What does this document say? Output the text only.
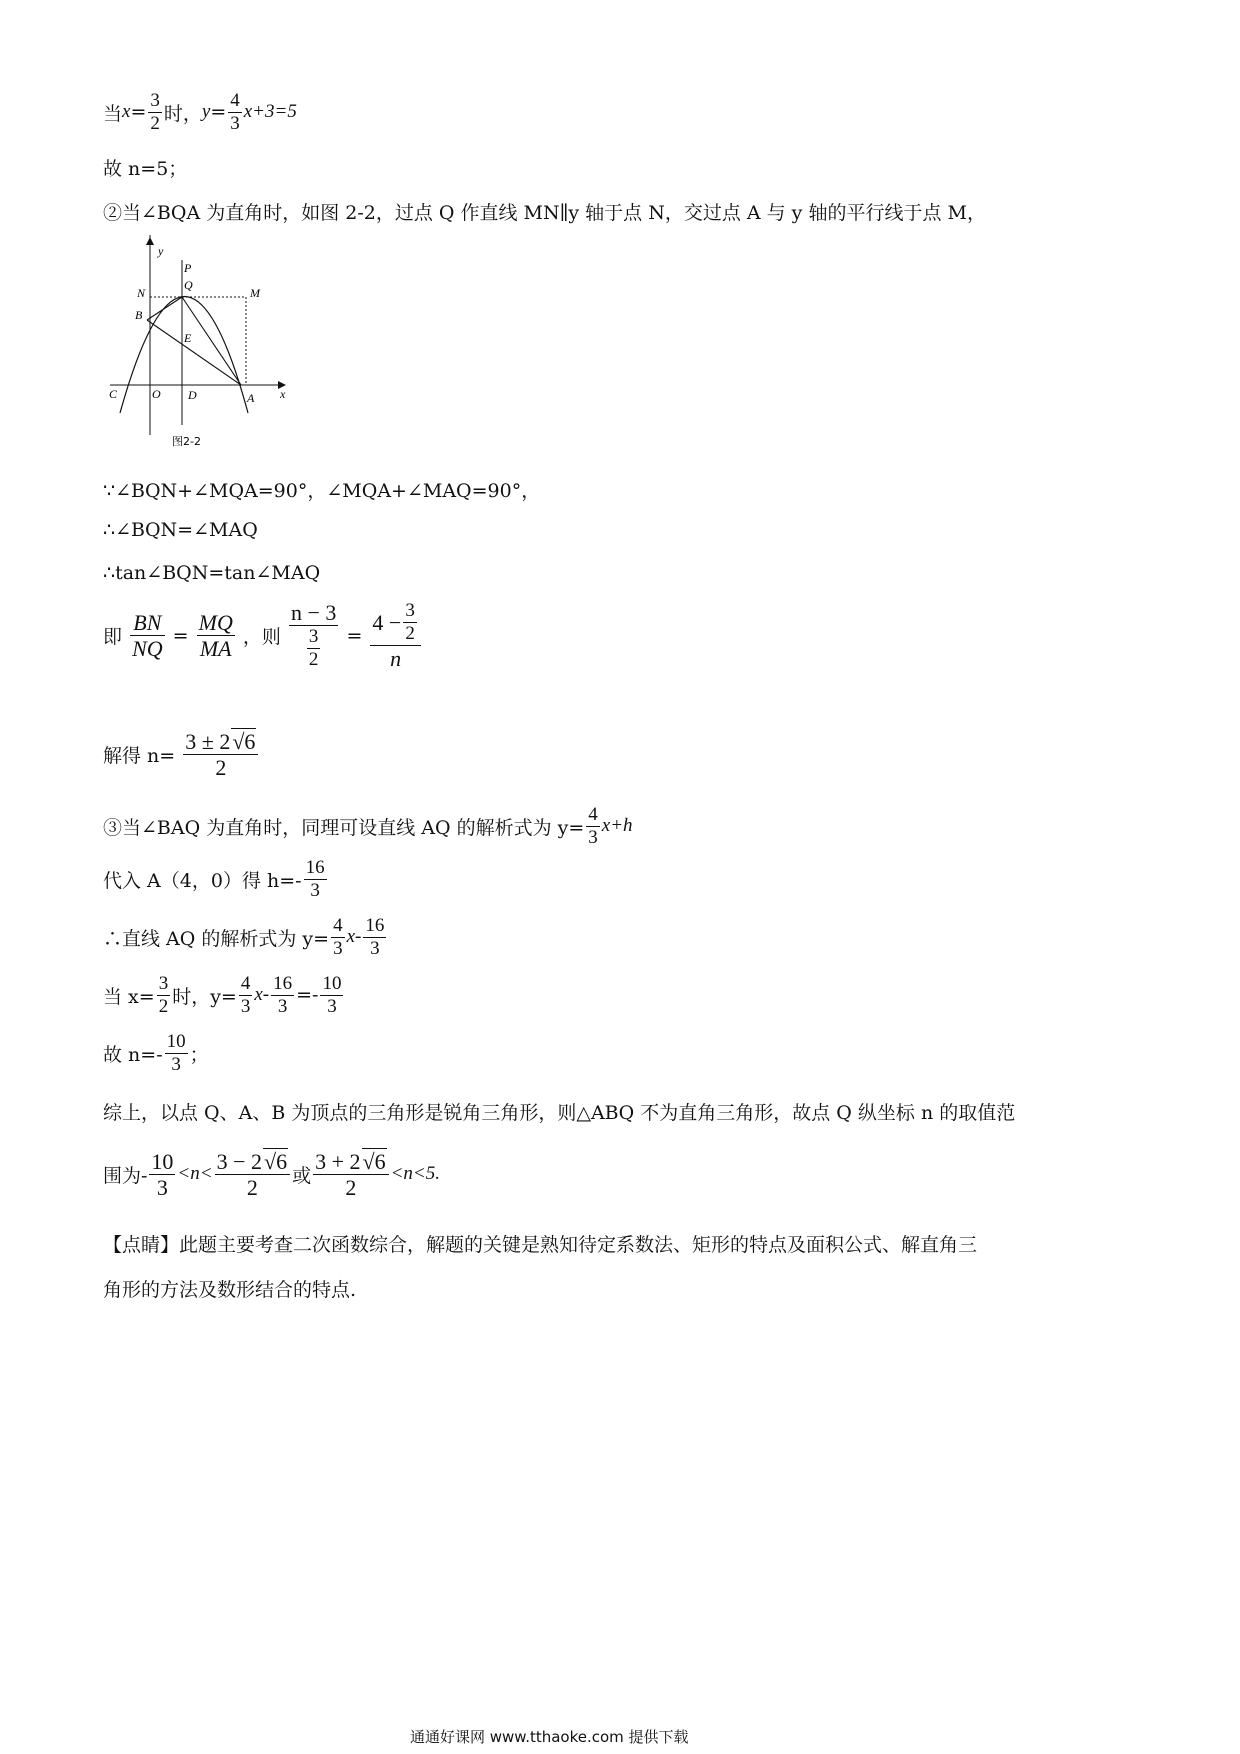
当$x= \frac{3}{2}$ 时，$y= \frac{4}{3} x+3=5$
故 n=5；
②当∠BQA 为直角时，如图 2-2，过点 Q 作直线 MN∥y 轴于点 N，交过点 A 与 y 轴的平行线于点 M，
y
x
P
Q
N	M
B
E
C	O D	A
图2-2
∵∠BQN+∠MQA=90°，∠MQA+∠MAQ=90°，
∴∠BQN=∠MAQ
∴tan∠BQN=tan∠MAQ
即 $\frac{BN}{NQ} = \frac{MQ}{MA}$ ，则 $\frac{n - 3}{\frac{3}{2}} = \frac{4 - \frac{3}{2}}{n}$
解得 $n= \frac{3 \pm 2√6}{2}$
③当∠BAQ 为直角时，同理可设直线 AQ 的解析式为 $y= \frac{4}{3} x+h$
代入 A（4，0）得 $h=- \frac{16}{3}$
∴直线 AQ 的解析式为 $y= \frac{4}{3} x- \frac{16}{3}$
当 $x= \frac{3}{2}$ 时，$y= \frac{4}{3} x- \frac{16}{3} =- \frac{10}{3}$
故 $n=- \frac{10}{3}$ ；
综上，以点 Q、A、B 为顶点的三角形是锐角三角形，则△ABQ 不为直角三角形，故点 Q 纵坐标 n 的取值范
围为- $\frac{10}{3} <n< \frac{3 - 2√6}{2}$ 或 $\frac{3 + 2√6}{2} <n<5$.
【点睛】此题主要考查二次函数综合，解题的关键是熟知待定系数法、矩形的特点及面积公式、解直角三
角形的方法及数形结合的特点.
通通好课网 www.tthaoke.com 提供下载
